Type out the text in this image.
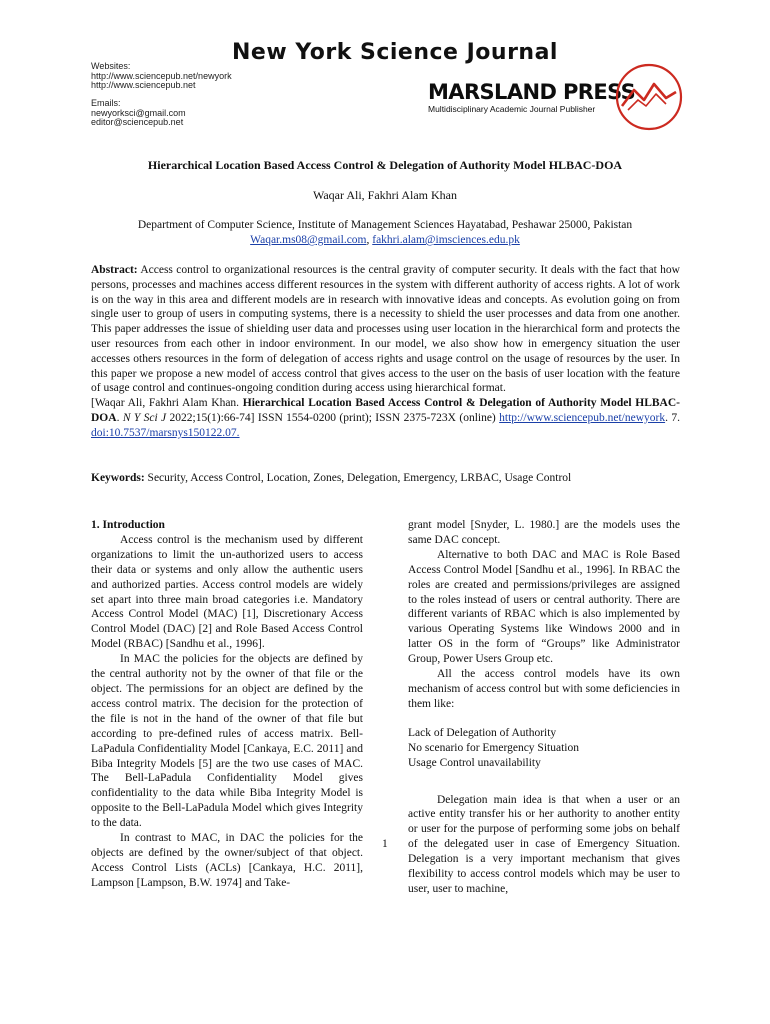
New York Science Journal
Websites:
http://www.sciencepub.net/newyork
http://www.sciencepub.net
Emails:
newyorksci@gmail.com
editor@sciencepub.net
MARSLAND PRESS
Multidisciplinary Academic Journal Publisher
Hierarchical Location Based Access Control & Delegation of Authority Model HLBAC-DOA
Waqar Ali, Fakhri Alam Khan
Department of Computer Science, Institute of Management Sciences Hayatabad, Peshawar 25000, Pakistan
Waqar.ms08@gmail.com, fakhri.alam@imsciences.edu.pk
Abstract: Access control to organizational resources is the central gravity of computer security. It deals with the fact that how persons, processes and machines access different resources in the system with different authority of access rights. A lot of work is on the way in this area and different models are in research with innovative ideas and concepts. As evolution going on from single user to group of users in computing systems, there is a necessity to shield the user processes and data from one another. This paper addresses the issue of shielding user data and processes using user location in the hierarchical form and protects the user resources from each other in indoor environment. In our model, we also show how in emergency situation the user accesses others resources in the form of delegation of access rights and usage control on the usage of resources by the user. In this paper we propose a new model of access control that gives access to the user on the basis of user location with the feature of usage control and continues-ongoing condition during access using hierarchical format.
[Waqar Ali, Fakhri Alam Khan. Hierarchical Location Based Access Control & Delegation of Authority Model HLBAC-DOA. N Y Sci J 2022;15(1):66-74] ISSN 1554-0200 (print); ISSN 2375-723X (online) http://www.sciencepub.net/newyork. 7. doi:10.7537/marsnys150122.07.
Keywords: Security, Access Control, Location, Zones, Delegation, Emergency, LRBAC, Usage Control

1. Introduction

Access control is the mechanism used by different organizations to limit the un-authorized users to access their data or systems and only allow the authentic users and authorized parties. Access control models are widely set apart into three main broad categories i.e. Mandatory Access Control Model (MAC) [1], Discretionary Access Control Model (DAC) [2] and Role Based Access Control Model (RBAC) [Sandhu et al., 1996].

In MAC the policies for the objects are defined by the central authority not by the owner of that file or the object. The permissions for an object are defined by the access control matrix. The decision for the protection of the file is not in the hand of the owner of that file but according to pre-defined rules of access matrix. Bell-LaPadula Confidentiality Model [Cankaya, E.C. 2011] and Biba Integrity Models [5] are the two use cases of MAC. The Bell-LaPadula Confidentiality Model gives confidentiality to the data while Biba Integrity Model is opposite to the Bell-LaPadula Model which gives Integrity to the data.

In contrast to MAC, in DAC the policies for the objects are defined by the owner/subject of that object. Access Control Lists (ACLs) [Cankaya, H.C. 2011], Lampson [Lampson, B.W. 1974] and Take-

grant model [Snyder, L. 1980.] are the models uses the same DAC concept.

Alternative to both DAC and MAC is Role Based Access Control Model [Sandhu et al., 1996]. In RBAC the roles are created and permissions/privileges are assigned to the roles instead of users or central authority. There are different variants of RBAC which is also implemented by various Operating Systems like Windows 2000 and in latter OS in the form of “Groups” like Administrator Group, Power Users Group etc.

All the access control models have its own mechanism of access control but with some deficiencies in them like:

Lack of Delegation of Authority

No scenario for Emergency Situation

Usage Control unavailability

Delegation main idea is that when a user or an active entity transfer his or her authority to another entity or user for the purpose of performing some jobs on behalf of the delegated user in case of Emergency Situation. Delegation is a very important mechanism that gives flexibility to access control models which may be user to user, user to machine,

1
